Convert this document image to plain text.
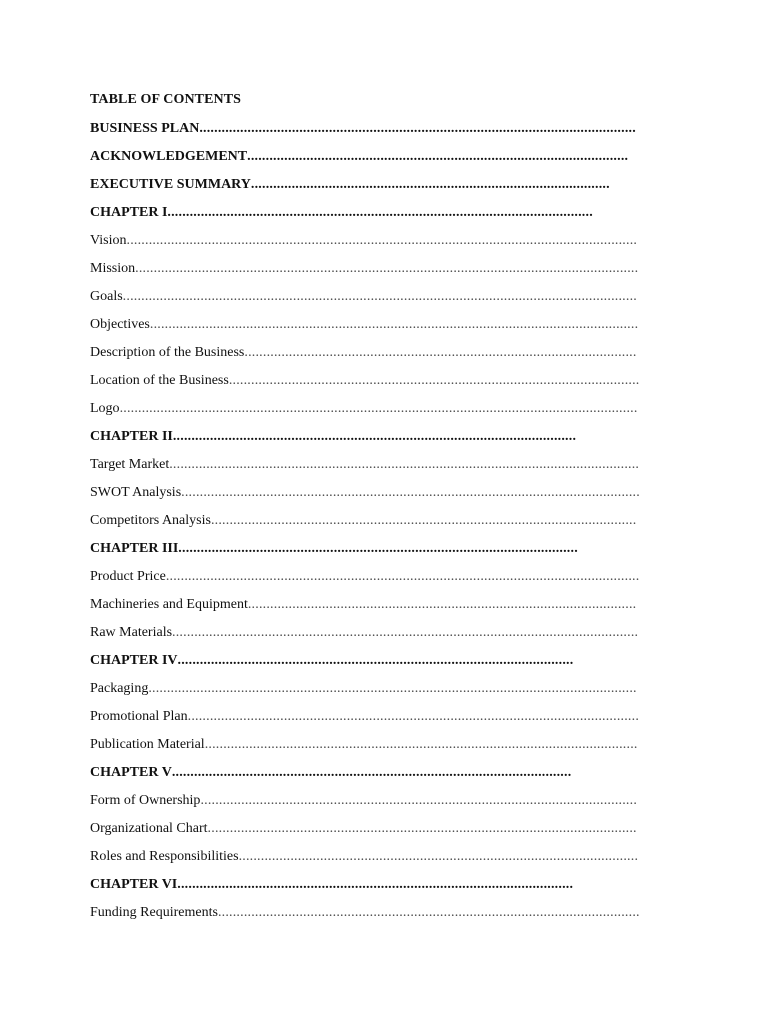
TABLE OF CONTENTS
BUSINESS PLAN......................................................................................................................
ACKNOWLEDGEMENT.......................................................................................................
EXECUTIVE SUMMARY.................................................................................................
CHAPTER I...................................................................................................................
Vision..........................................................................................................................................
Mission........................................................................................................................................
Goals...........................................................................................................................................
Objectives....................................................................................................................................
Description of the Business..........................................................................................................
Location of the Business...............................................................................................................
Logo............................................................................................................................................
CHAPTER II.............................................................................................................
Target Market...............................................................................................................................
SWOT Analysis............................................................................................................................
Competitors Analysis...................................................................................................................
CHAPTER III............................................................................................................
Product Price................................................................................................................................
Machineries and Equipment.........................................................................................................
Raw Materials..............................................................................................................................
CHAPTER IV...........................................................................................................
Packaging....................................................................................................................................
Promotional Plan..........................................................................................................................
Publication Material.....................................................................................................................
CHAPTER V............................................................................................................
Form of Ownership......................................................................................................................
Organizational Chart....................................................................................................................
Roles and Responsibilities............................................................................................................
CHAPTER VI...........................................................................................................
Funding Requirements..................................................................................................................
